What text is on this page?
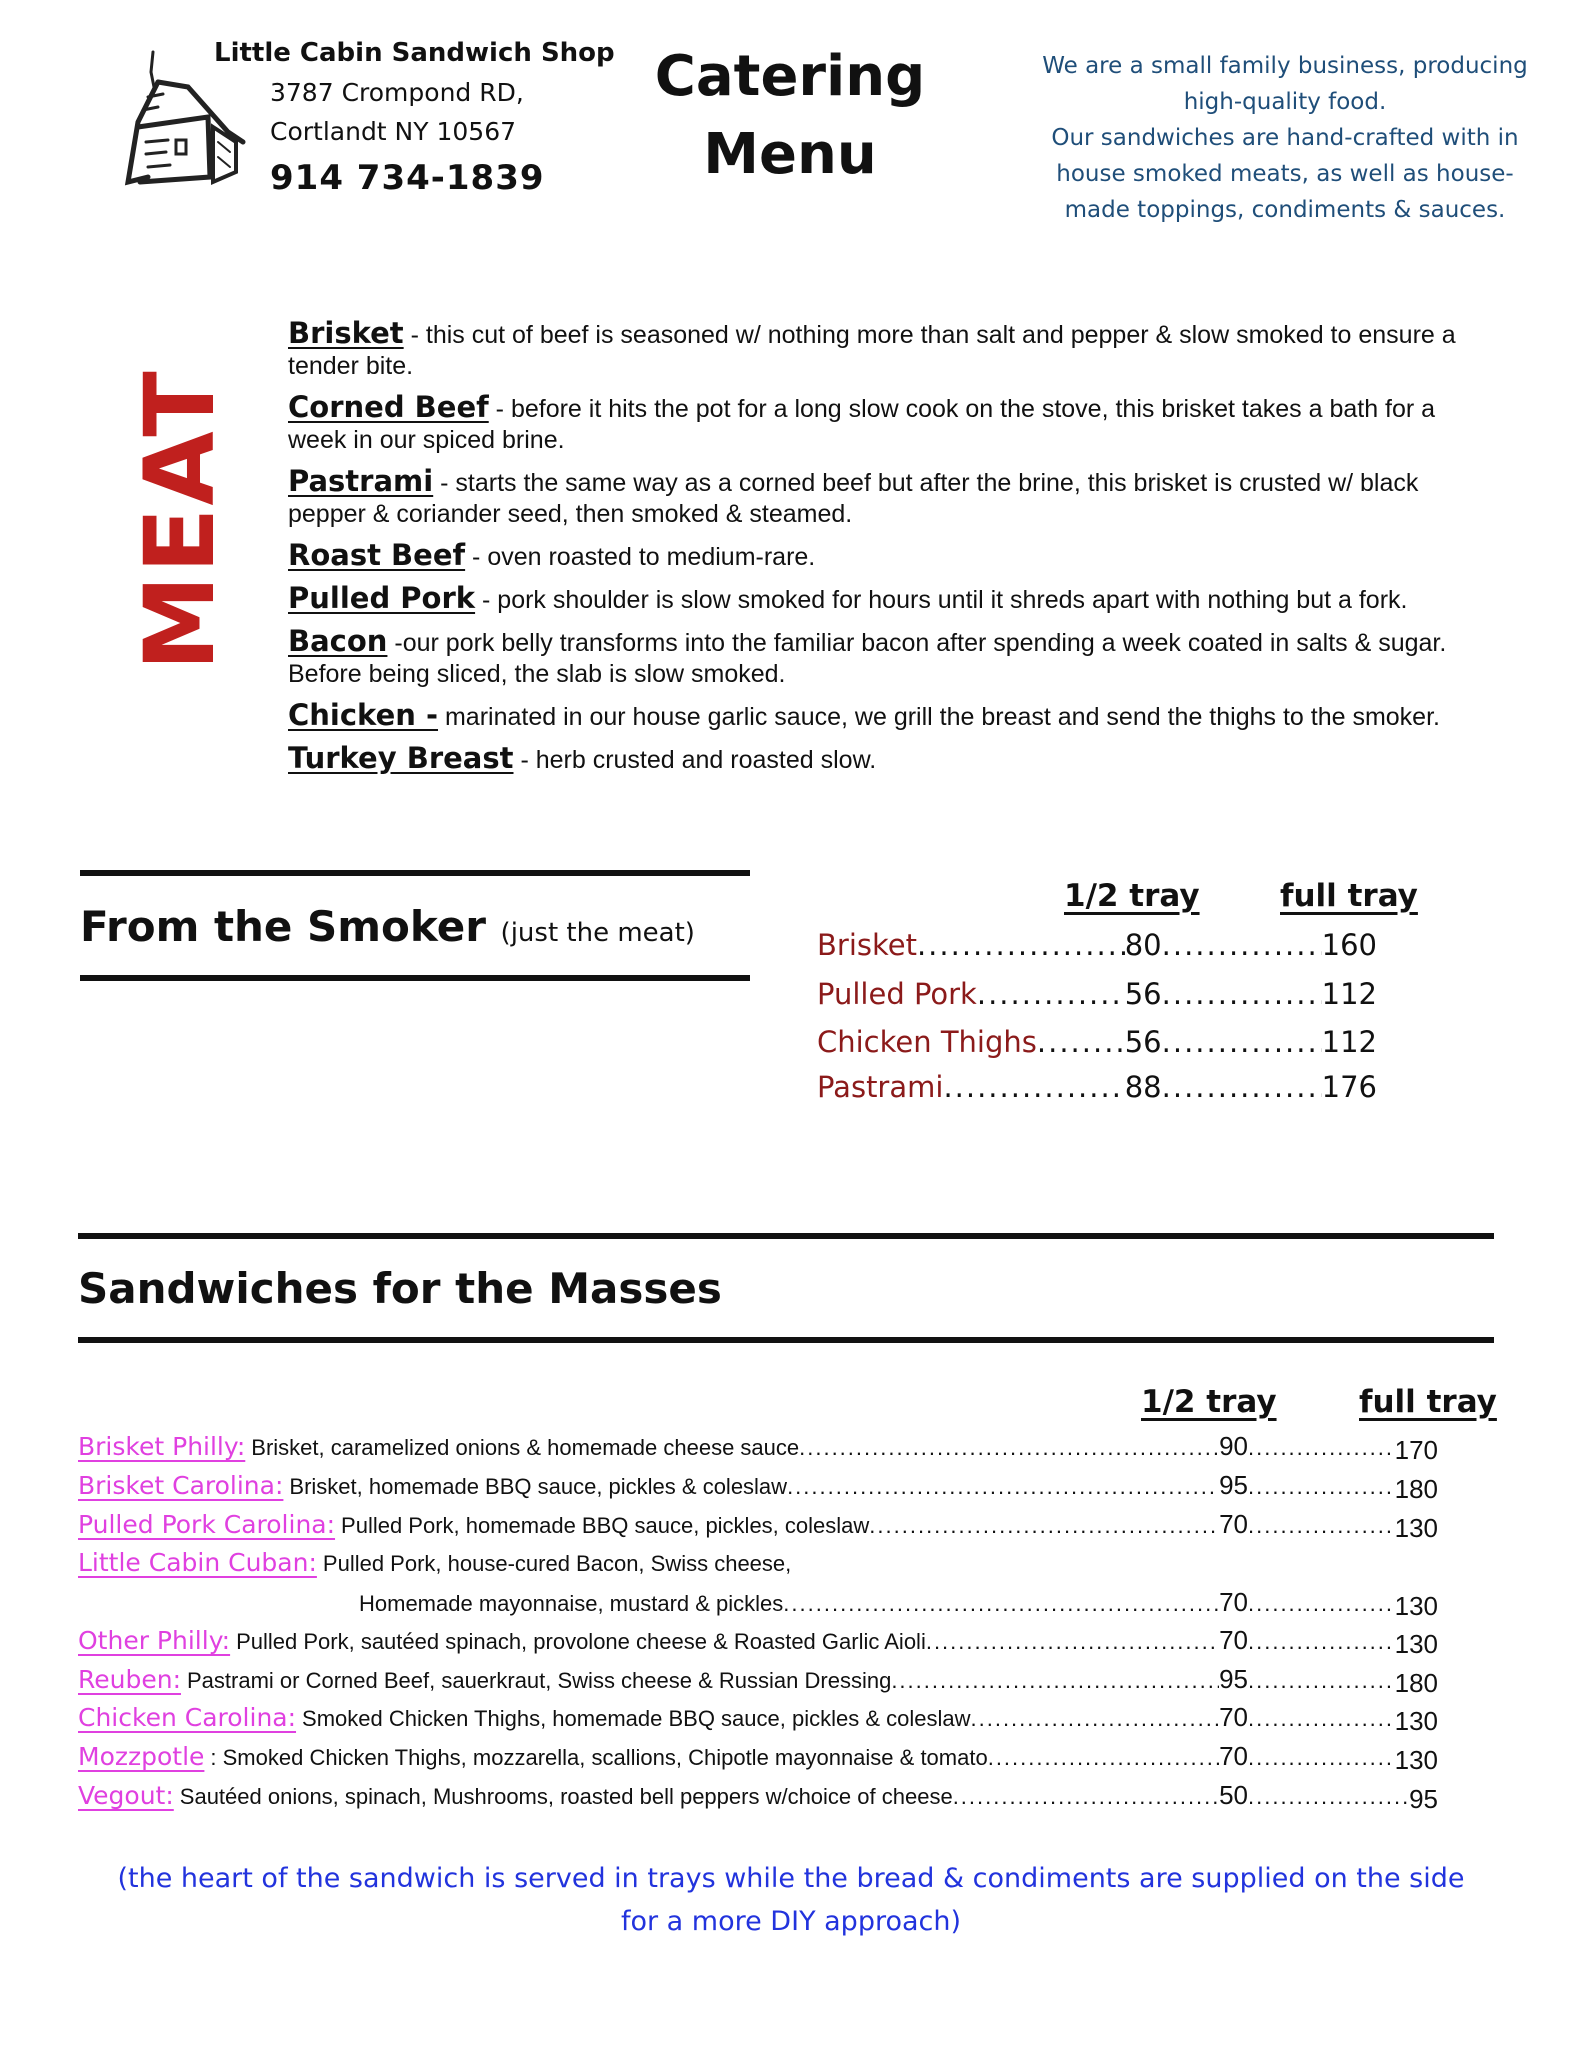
Little Cabin Sandwich Shop
3787 Crompond RD,
Cortlandt NY 10567
914 734-1839
Catering
Menu
We are a small family business, producing
high-quality food.
Our sandwiches are hand-crafted with in
house smoked meats, as well as house-
made toppings, condiments & sauces.
MEAT
Brisket - this cut of beef is seasoned w/ nothing more than salt and pepper & slow smoked to ensure a tender bite.
Corned Beef - before it hits the pot for a long slow cook on the stove, this brisket takes a bath for a week in our spiced brine.
Pastrami - starts the same way as a corned beef but after the brine, this brisket is crusted w/ black pepper & coriander seed, then smoked & steamed.
Roast Beef - oven roasted to medium-rare.
Pulled Pork - pork shoulder is slow smoked for hours until it shreds apart with nothing but a fork.
Bacon -our pork belly transforms into the familiar bacon after spending a week coated in salts & sugar. Before being sliced, the slab is slow smoked.
Chicken - marinated in our house garlic sauce, we grill the breast and send the thighs to the smoker.
Turkey Breast - herb crusted and roasted slow.
From the Smoker (just the meat)
1/2 tray	full tray
Brisket .....	80 .....	160
Pulled Pork .....	56 .....	112
Chicken Thighs .....	56 .....	112
Pastrami .....	88 .....	176
Sandwiches for the Masses
1/2 tray	full tray
Brisket Philly: Brisket, caramelized onions & homemade cheese sauce .....	90 .....	170
Brisket Carolina: Brisket, homemade BBQ sauce, pickles & coleslaw .....	95 .....	180
Pulled Pork Carolina: Pulled Pork, homemade BBQ sauce, pickles, coleslaw .....	70 .....	130
Little Cabin Cuban: Pulled Pork, house-cured Bacon, Swiss cheese,
Homemade mayonnaise, mustard & pickles .....	70 .....	130
Other Philly: Pulled Pork, sautéed spinach, provolone cheese & Roasted Garlic Aioli .....	70 .....	130
Reuben: Pastrami or Corned Beef, sauerkraut, Swiss cheese & Russian Dressing .....	95 .....	180
Chicken Carolina: Smoked Chicken Thighs, homemade BBQ sauce, pickles & coleslaw .....	70 .....	130
Mozzpotle : Smoked Chicken Thighs, mozzarella, scallions, Chipotle mayonnaise & tomato .....	70 .....	130
Vegout: Sautéed onions, spinach, Mushrooms, roasted bell peppers w/choice of cheese .....	50 .....	95
(the heart of the sandwich is served in trays while the bread & condiments are supplied on the side
for a more DIY approach)
